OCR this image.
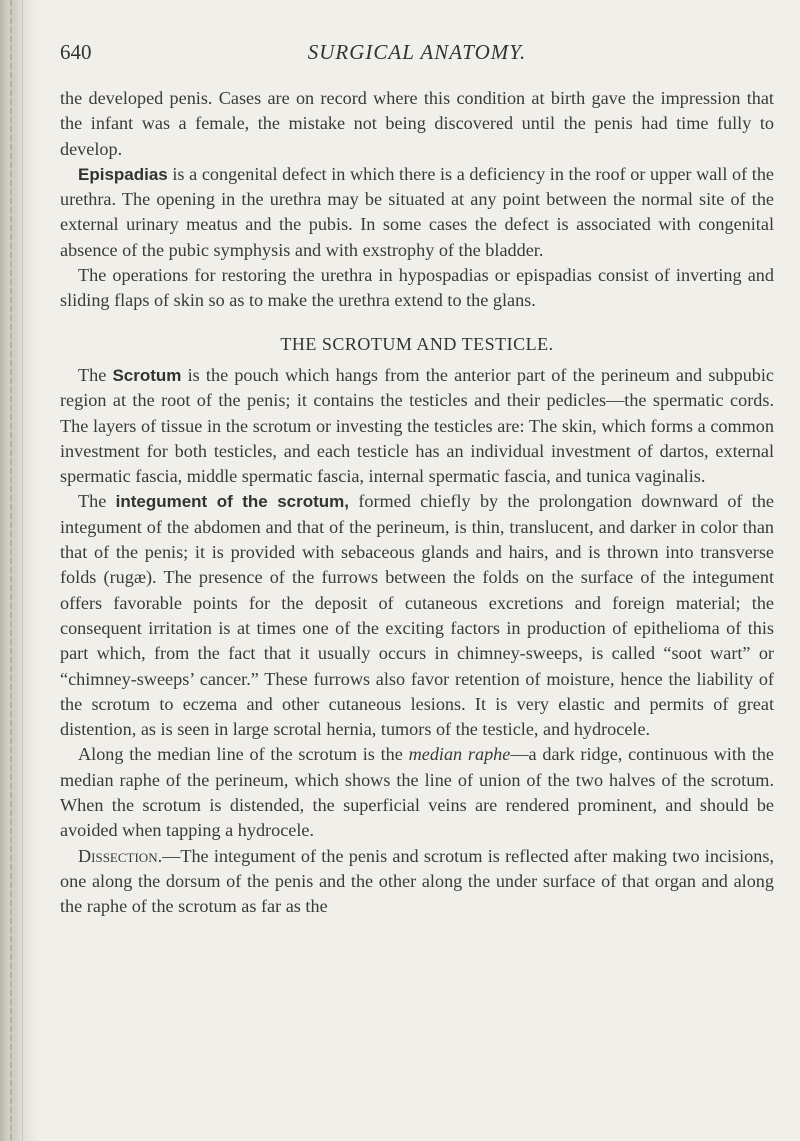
640	SURGICAL ANATOMY.

the developed penis. Cases are on record where this condition at birth gave the impression that the infant was a female, the mistake not being discovered until the penis had time fully to develop.

Epispadias is a congenital defect in which there is a deficiency in the roof or upper wall of the urethra. The opening in the urethra may be situated at any point between the normal site of the external urinary meatus and the pubis. In some cases the defect is associated with congenital absence of the pubic symphysis and with exstrophy of the bladder.

The operations for restoring the urethra in hypospadias or epispadias consist of inverting and sliding flaps of skin so as to make the urethra extend to the glans.

THE SCROTUM AND TESTICLE.

The Scrotum is the pouch which hangs from the anterior part of the perineum and subpubic region at the root of the penis; it contains the testicles and their pedicles—the spermatic cords. The layers of tissue in the scrotum or investing the testicles are: The skin, which forms a common investment for both testicles, and each testicle has an individual investment of dartos, external spermatic fascia, middle spermatic fascia, internal spermatic fascia, and tunica vaginalis.

The integument of the scrotum, formed chiefly by the prolongation downward of the integument of the abdomen and that of the perineum, is thin, translucent, and darker in color than that of the penis; it is provided with sebaceous glands and hairs, and is thrown into transverse folds (rugæ). The presence of the furrows between the folds on the surface of the integument offers favorable points for the deposit of cutaneous excretions and foreign material; the consequent irritation is at times one of the exciting factors in production of epithelioma of this part which, from the fact that it usually occurs in chimney-sweeps, is called “soot wart” or “chimney-sweeps’ cancer.” These furrows also favor retention of moisture, hence the liability of the scrotum to eczema and other cutaneous lesions. It is very elastic and permits of great distention, as is seen in large scrotal hernia, tumors of the testicle, and hydrocele.

Along the median line of the scrotum is the median raphe—a dark ridge, continuous with the median raphe of the perineum, which shows the line of union of the two halves of the scrotum. When the scrotum is distended, the superficial veins are rendered prominent, and should be avoided when tapping a hydrocele.

Dissection.—The integument of the penis and scrotum is reflected after making two incisions, one along the dorsum of the penis and the other along the under surface of that organ and along the raphe of the scrotum as far as the
